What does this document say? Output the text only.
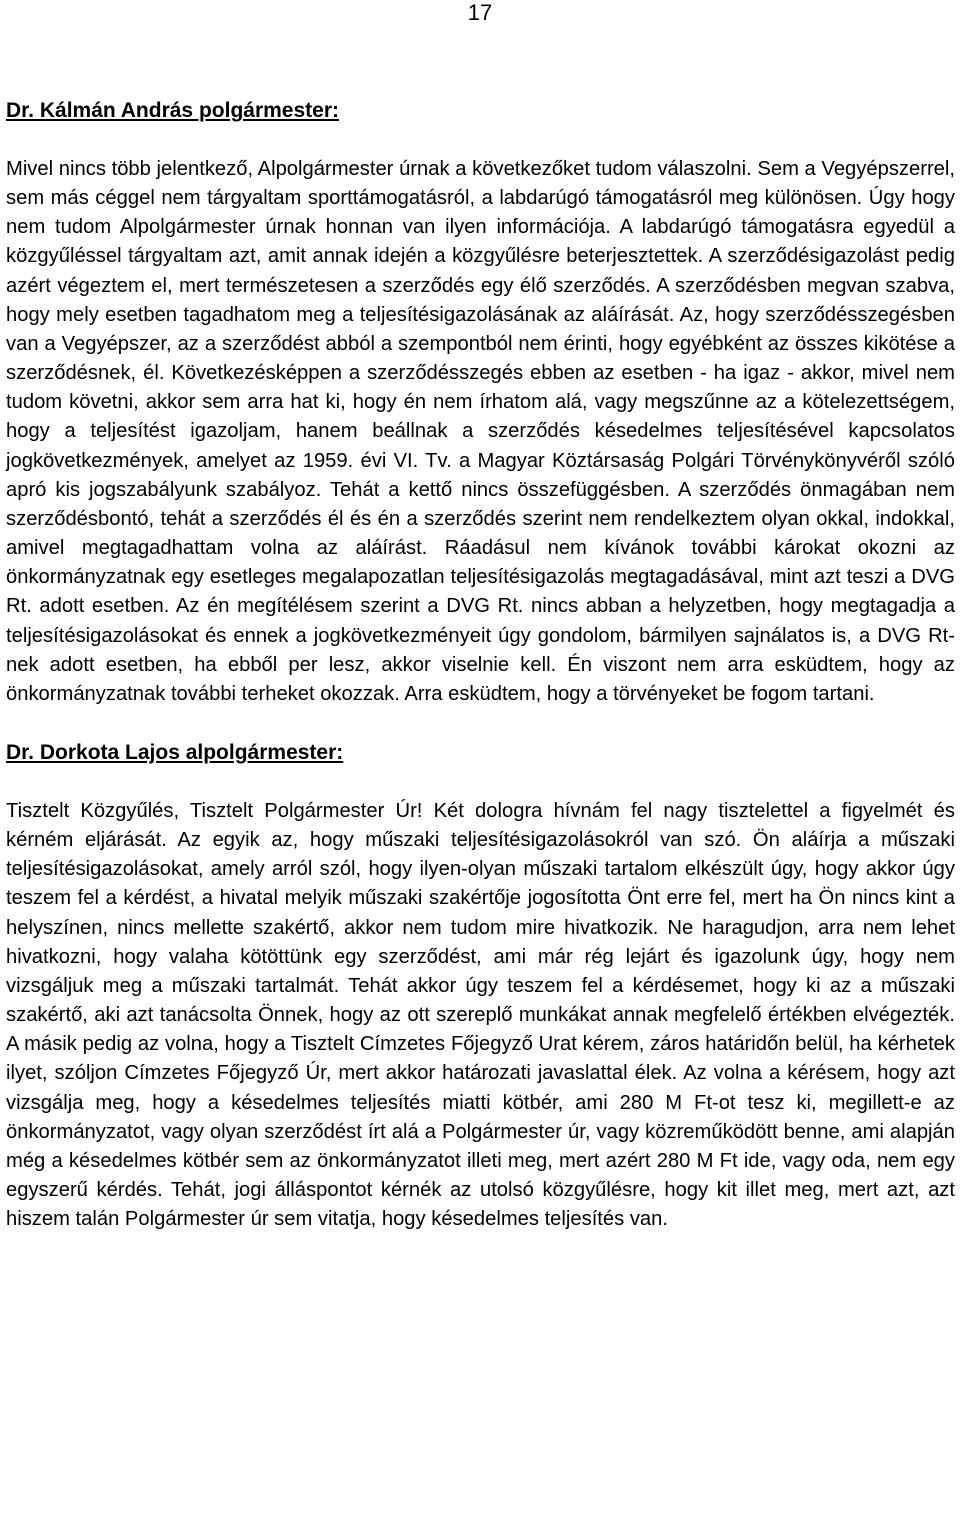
17

Dr. Kálmán András polgármester:

Mivel nincs több jelentkező, Alpolgármester úrnak a következőket tudom válaszolni. Sem a Vegyépszerrel, sem más céggel nem tárgyaltam sporttámogatásról, a labdarúgó támogatásról meg különösen. Úgy hogy nem tudom Alpolgármester úrnak honnan van ilyen információja. A labdarúgó támogatásra egyedül a közgyűléssel tárgyaltam azt, amit annak idején a közgyűlésre beterjesztettek. A szerződésigazolást pedig azért végeztem el, mert természetesen a szerződés egy élő szerződés. A szerződésben megvan szabva, hogy mely esetben tagadhatom meg a teljesítésigazolásának az aláírását. Az, hogy szerződésszegésben van a Vegyépszer, az a szerződést abból a szempontból nem érinti, hogy egyébként az összes kikötése a szerződésnek, él. Következésképpen a szerződésszegés ebben az esetben - ha igaz - akkor, mivel nem tudom követni, akkor sem arra hat ki, hogy én nem írhatom alá, vagy megszűnne az a kötelezettségem, hogy a teljesítést igazoljam, hanem beállnak a szerződés késedelmes teljesítésével kapcsolatos jogkövetkezmények, amelyet az 1959. évi VI. Tv. a Magyar Köztársaság Polgári Törvénykönyvéről szóló apró kis jogszabályunk szabályoz. Tehát a kettő nincs összefüggésben. A szerződés önmagában nem szerződésbontó, tehát a szerződés él és én a szerződés szerint nem rendelkeztem olyan okkal, indokkal, amivel megtagadhattam volna az aláírást. Ráadásul nem kívánok további károkat okozni az önkormányzatnak egy esetleges megalapozatlan teljesítésigazolás megtagadásával, mint azt teszi a DVG Rt. adott esetben. Az én megítélésem szerint a DVG Rt. nincs abban a helyzetben, hogy megtagadja a teljesítésigazolásokat és ennek a jogkövetkezményeit úgy gondolom, bármilyen sajnálatos is, a DVG Rt-nek adott esetben, ha ebből per lesz, akkor viselnie kell. Én viszont nem arra esküdtem, hogy az önkormányzatnak további terheket okozzak. Arra esküdtem, hogy a törvényeket be fogom tartani.

Dr. Dorkota Lajos alpolgármester:

Tisztelt Közgyűlés, Tisztelt Polgármester Úr! Két dologra hívnám fel nagy tisztelettel a figyelmét és kérném eljárását. Az egyik az, hogy műszaki teljesítésigazolásokról van szó. Ön aláírja a műszaki teljesítésigazolásokat, amely arról szól, hogy ilyen-olyan műszaki tartalom elkészült úgy, hogy akkor úgy teszem fel a kérdést, a hivatal melyik műszaki szakértője jogosította Önt erre fel, mert ha Ön nincs kint a helyszínen, nincs mellette szakértő, akkor nem tudom mire hivatkozik. Ne haragudjon, arra nem lehet hivatkozni, hogy valaha kötöttünk egy szerződést, ami már rég lejárt és igazolunk úgy, hogy nem vizsgáljuk meg a műszaki tartalmát. Tehát akkor úgy teszem fel a kérdésemet, hogy ki az a műszaki szakértő, aki azt tanácsolta Önnek, hogy az ott szereplő munkákat annak megfelelő értékben elvégezték. A másik pedig az volna, hogy a Tisztelt Címzetes Főjegyző Urat kérem, záros határidőn belül, ha kérhetek ilyet, szóljon Címzetes Főjegyző Úr, mert akkor határozati javaslattal élek. Az volna a kérésem, hogy azt vizsgálja meg, hogy a késedelmes teljesítés miatti kötbér, ami 280 M Ft-ot tesz ki, megillett-e az önkormányzatot, vagy olyan szerződést írt alá a Polgármester úr, vagy közreműködött benne, ami alapján még a késedelmes kötbér sem az önkormányzatot illeti meg, mert azért 280 M Ft ide, vagy oda, nem egy egyszerű kérdés. Tehát, jogi álláspontot kérnék az utolsó közgyűlésre, hogy kit illet meg, mert azt, azt hiszem talán Polgármester úr sem vitatja, hogy késedelmes teljesítés van.
